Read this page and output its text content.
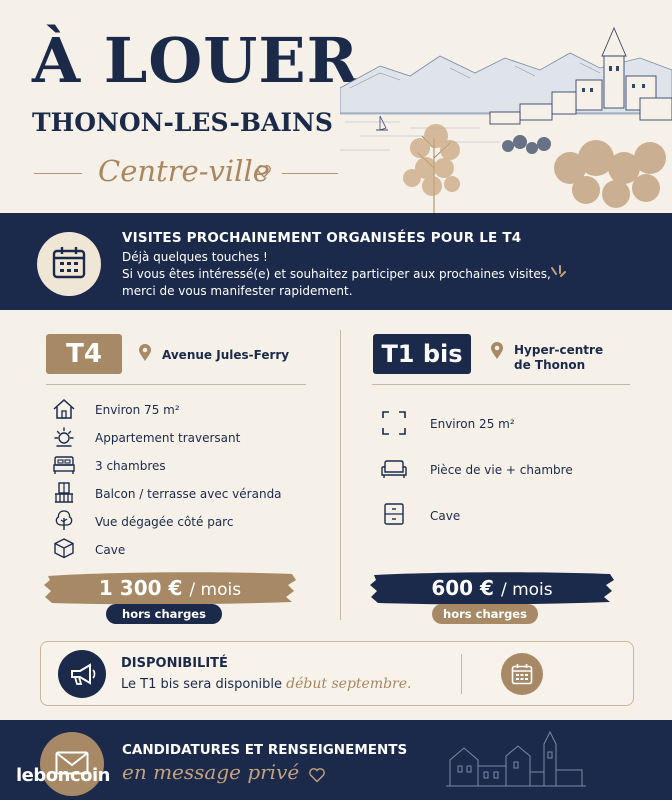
À LOUER
THONON-LES-BAINS
Centre-ville
VISITES PROCHAINEMENT ORGANISÉES POUR LE T4
Déjà quelques touches !
Si vous êtes intéressé(e) et souhaitez participer aux prochaines visites,
merci de vous manifester rapidement.
T4	Avenue Jules-Ferry
Environ 75 m²
Appartement traversant
3 chambres
Balcon / terrasse avec véranda
Vue dégagée côté parc
Cave
1 300 € / mois
hors charges
T1 bis	Hyper-centre
de Thonon
Environ 25 m²
Pièce de vie + chambre
Cave
600 € / mois
hors charges
DISPONIBILITÉ
Le T1 bis sera disponible début septembre.
CANDIDATURES ET RENSEIGNEMENTS
en message privé
leboncoin
